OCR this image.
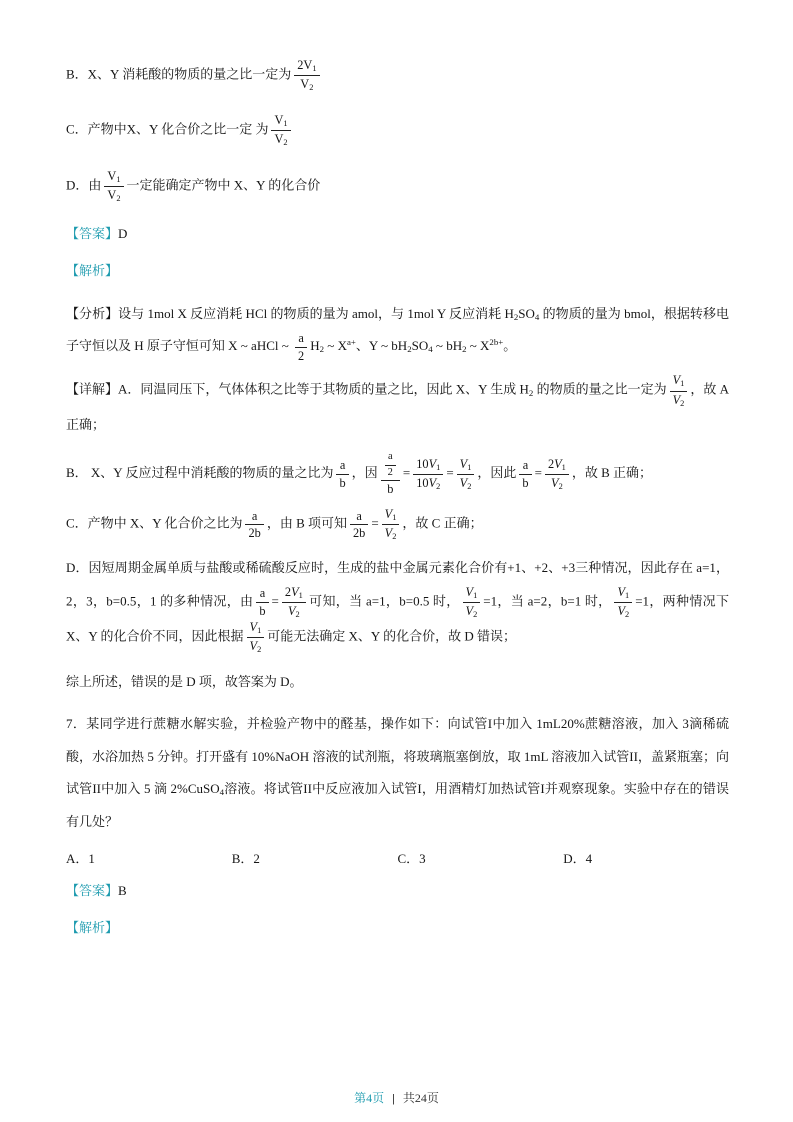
B．X、Y 消耗酸的物质的量之比一定为 $\frac{2V_1}{V_2}$
C．产物中X、Y 化合价之比一定 为 $\frac{V_1}{V_2}$
D．由 $\frac{V_1}{V_2}$ 一定能确定产物中 X、Y 的化合价
【答案】D
【解析】
【分析】设与 1mol X 反应消耗 HCl 的物质的量为 amol，与 1mol Y 反应消耗 $H_2SO_4$ 的物质的量为 bmol，根据转移电子守恒以及 H 原子守恒可知 X ~ aHCl ~ $\frac{a}{2} H_2$ ~ $X^{a+}$、Y ~ $bH_2SO_4$ ~ $bH_2$ ~ $X^{2b+}$。
【详解】A．同温同压下，气体体积之比等于其物质的量之比，因此 X、Y 生成 $H_2$ 的物质的量之比一定为 $\frac{V_1}{V_2}$ ，故 A 正确；
B． X、Y 反应过程中消耗酸的物质的量之比为 $\frac{a}{b}$ ，因 $\frac{\frac{a}{2}}{b} = \frac{10V_1}{10V_2} = \frac{V_1}{V_2}$ ，因此 $\frac{a}{b} = \frac{2V_1}{V_2}$ ，故 B 正确；
C．产物中 X、Y 化合价之比为 $\frac{a}{2b}$ ，由 B 项可知 $\frac{a}{2b} = \frac{V_1}{V_2}$ ，故 C 正确；
D．因短周期金属单质与盐酸或稀硫酸反应时，生成的盐中金属元素化合价有+1、+2、+3三种情况，因此存在 a=1，2，3，b=0.5，1 的多种情况，由 $\frac{a}{b} = \frac{2V_1}{V_2}$ 可知，当 a=1，b=0.5 时， $\frac{V_1}{V_2} =1$，当 a=2，b=1 时， $\frac{V_1}{V_2} =1$，两种情况下 X、Y 的化合价不同，因此根据 $\frac{V_1}{V_2}$ 可能无法确定 X、Y 的化合价，故 D 错误；
综上所述，错误的是 D 项，故答案为 D。
7．某同学进行蔗糖水解实验，并检验产物中的醛基，操作如下：向试管I中加入 1mL20%蔗糖溶液，加入 3滴稀硫酸，水浴加热 5 分钟。打开盛有 10%NaOH 溶液的试剂瓶，将玻璃瓶塞倒放，取 1mL 溶液加入试管II，盖紧瓶塞；向试管II中加入 5 滴 2%CuSO$_4$溶液。将试管II中反应液加入试管I，用酒精灯加热试管I并观察现象。实验中存在的错误有几处？
A．1	B．2	C．3	D．4
【答案】B
【解析】
第4页 | 共24页
